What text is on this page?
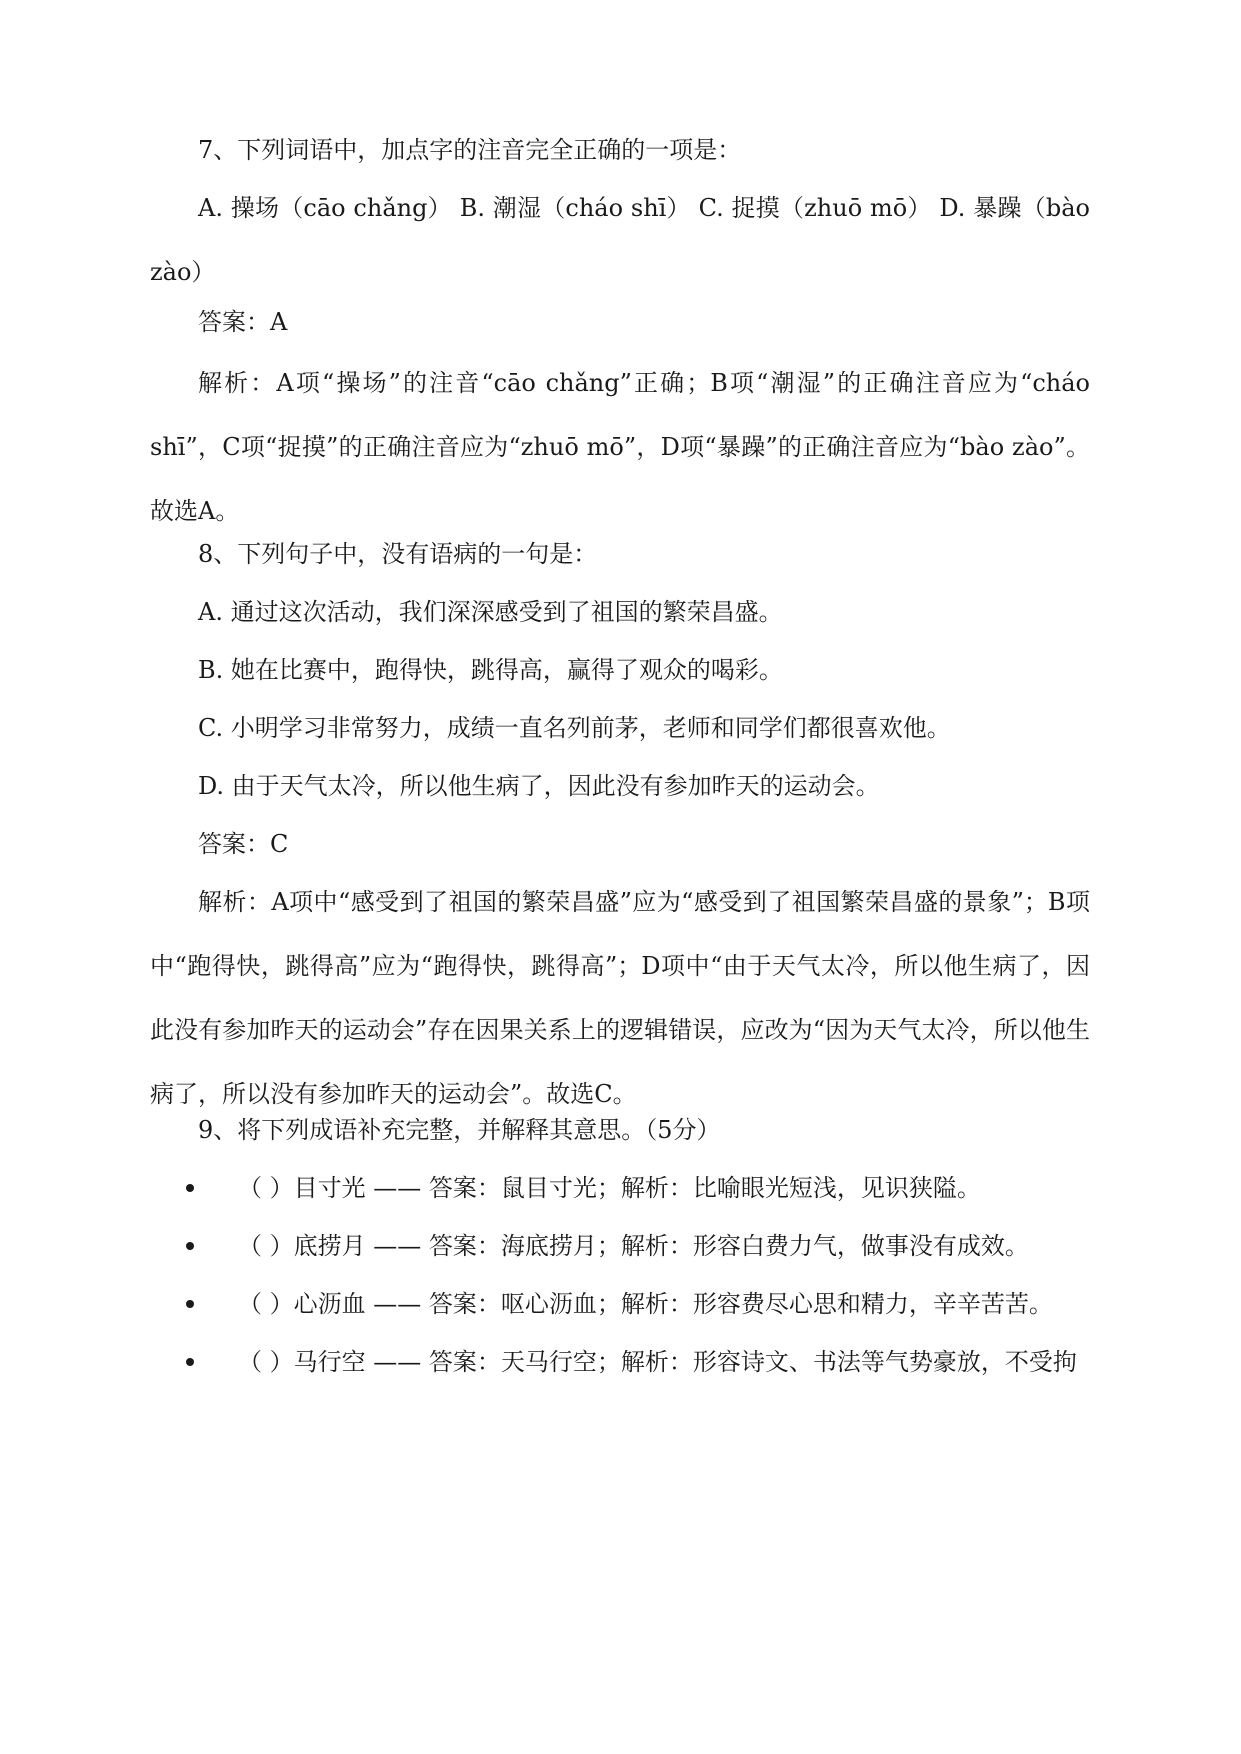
7、下列词语中，加点字的注音完全正确的一项是：
A. 操场（cāo chǎng） B. 潮湿（cháo shī） C. 捉摸（zhuō mō） D. 暴躁（bào zào）
答案：A
解析：A项“操场”的注音“cāo chǎng”正确；B项“潮湿”的正确注音应为“cháo shī”，C项“捉摸”的正确注音应为“zhuō mō”，D项“暴躁”的正确注音应为“bào zào”。故选A。
8、下列句子中，没有语病的一句是：
A. 通过这次活动，我们深深感受到了祖国的繁荣昌盛。
B. 她在比赛中，跑得快，跳得高，赢得了观众的喝彩。
C. 小明学习非常努力，成绩一直名列前茅，老师和同学们都很喜欢他。
D. 由于天气太冷，所以他生病了，因此没有参加昨天的运动会。
答案：C
解析：A项中“感受到了祖国的繁荣昌盛”应为“感受到了祖国繁荣昌盛的景象”；B项中“跑得快，跳得高”应为“跑得快，跳得高”；D项中“由于天气太冷，所以他生病了，因此没有参加昨天的运动会”存在因果关系上的逻辑错误，应改为“因为天气太冷，所以他生病了，所以没有参加昨天的运动会”。故选C。
9、将下列成语补充完整，并解释其意思。（5分）
（ ）目寸光 —— 答案：鼠目寸光；解析：比喻眼光短浅，见识狭隘。
（ ）底捞月 —— 答案：海底捞月；解析：形容白费力气，做事没有成效。
（ ）心沥血 —— 答案：呕心沥血；解析：形容费尽心思和精力，辛辛苦苦。
（ ）马行空 —— 答案：天马行空；解析：形容诗文、书法等气势豪放，不受拘
